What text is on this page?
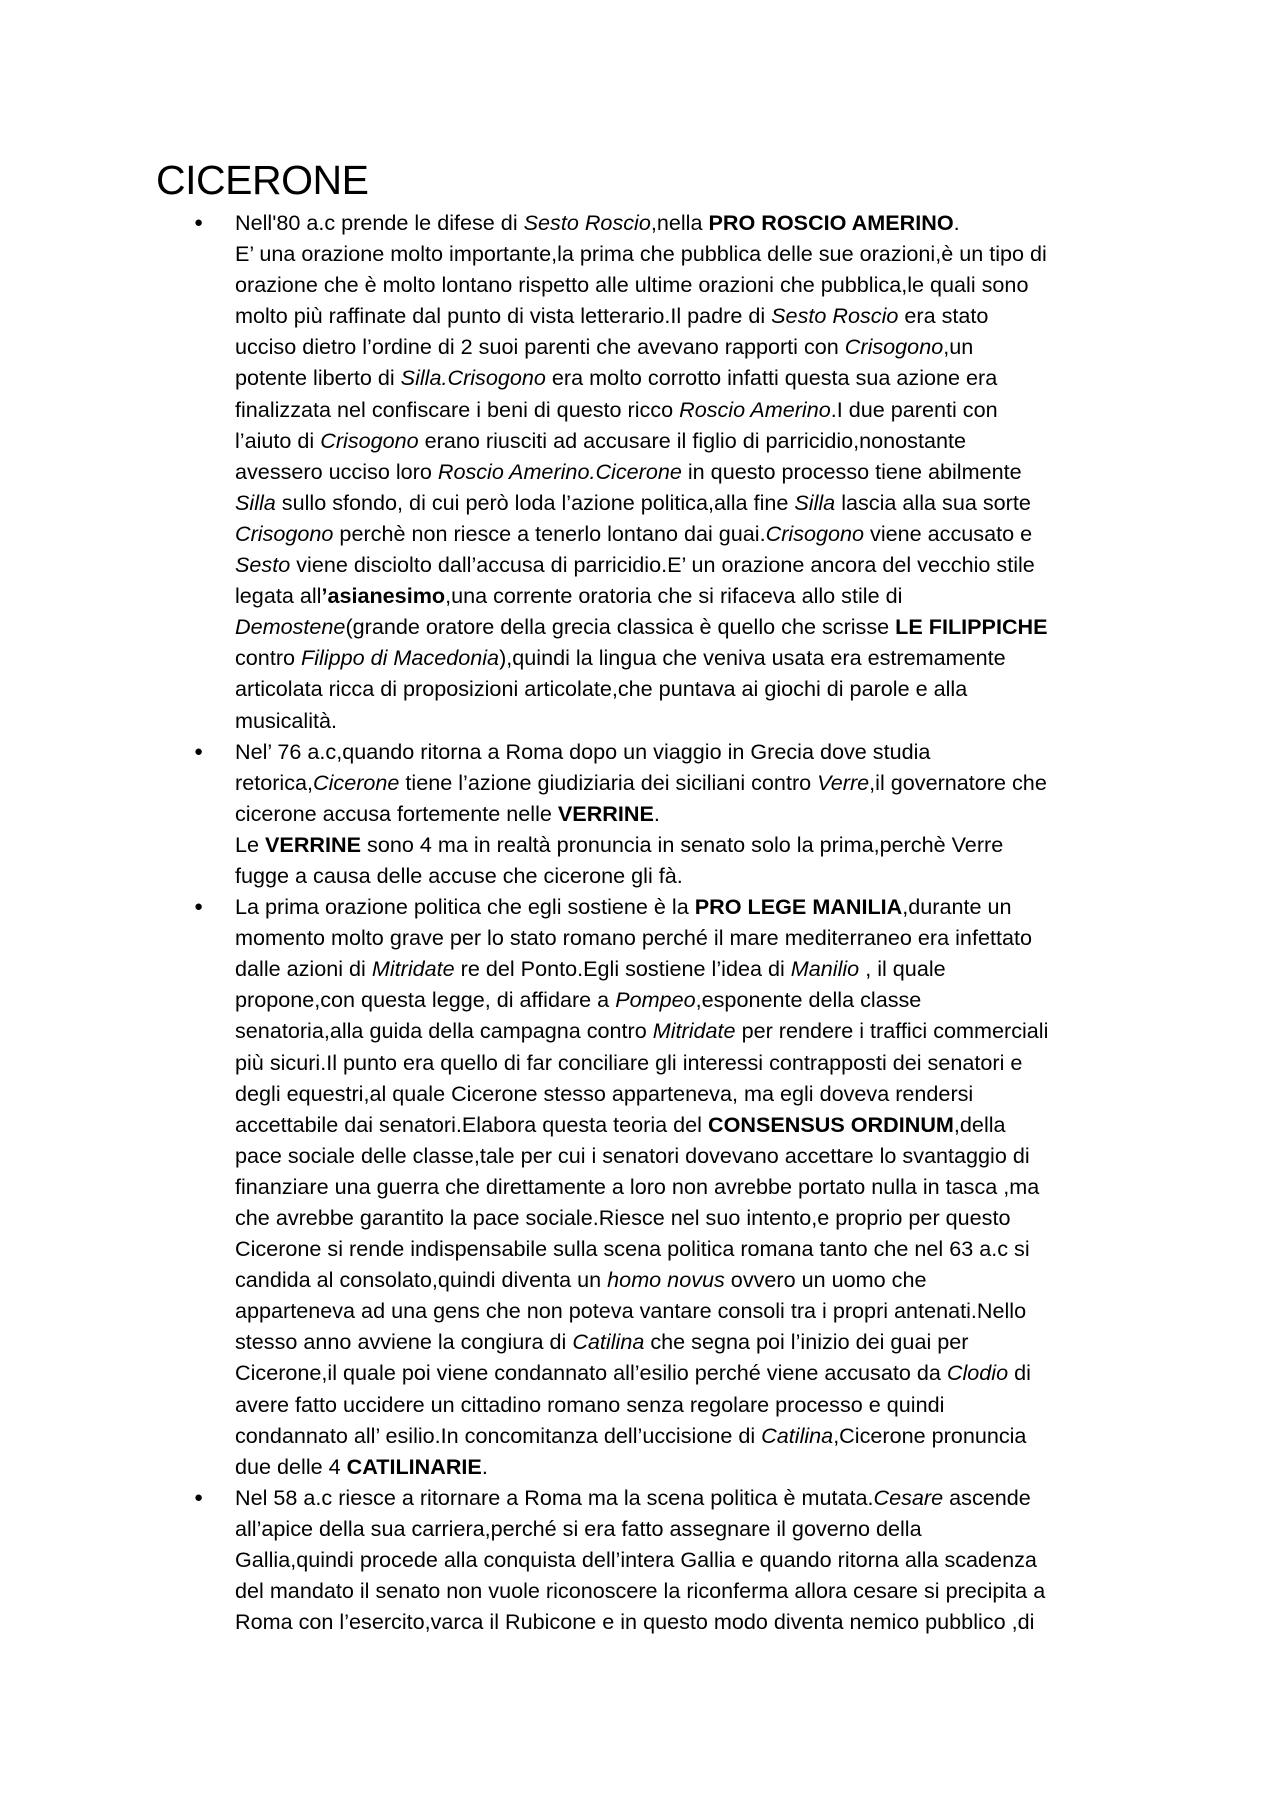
CICERONE
● Nell'80 a.c prende le difese di Sesto Roscio,nella PRO ROSCIO AMERINO.
E’ una orazione molto importante,la prima che pubblica delle sue orazioni,è un tipo di
orazione che è molto lontano rispetto alle ultime orazioni che pubblica,le quali sono
molto più raffinate dal punto di vista letterario.Il padre di Sesto Roscio era stato
ucciso dietro l’ordine di 2 suoi parenti che avevano rapporti con Crisogono,un
potente liberto di Silla.Crisogono era molto corrotto infatti questa sua azione era
finalizzata nel confiscare i beni di questo ricco Roscio Amerino.I due parenti con
l’aiuto di Crisogono erano riusciti ad accusare il figlio di parricidio,nonostante
avessero ucciso loro Roscio Amerino.Cicerone in questo processo tiene abilmente
Silla sullo sfondo, di cui però loda l’azione politica,alla fine Silla lascia alla sua sorte
Crisogono perchè non riesce a tenerlo lontano dai guai.Crisogono viene accusato e
Sesto viene disciolto dall’accusa di parricidio.E’ un orazione ancora del vecchio stile
legata all’asianesimo,una corrente oratoria che si rifaceva allo stile di
Demostene(grande oratore della grecia classica è quello che scrisse LE FILIPPICHE
contro Filippo di Macedonia),quindi la lingua che veniva usata era estremamente
articolata ricca di proposizioni articolate,che puntava ai giochi di parole e alla
musicalità.
● Nel’ 76 a.c,quando ritorna a Roma dopo un viaggio in Grecia dove studia
retorica,Cicerone tiene l’azione giudiziaria dei siciliani contro Verre,il governatore che
cicerone accusa fortemente nelle VERRINE.
Le VERRINE sono 4 ma in realtà pronuncia in senato solo la prima,perchè Verre
fugge a causa delle accuse che cicerone gli fà.
● La prima orazione politica che egli sostiene è la PRO LEGE MANILIA,durante un
momento molto grave per lo stato romano perché il mare mediterraneo era infettato
dalle azioni di Mitridate re del Ponto.Egli sostiene l’idea di Manilio , il quale
propone,con questa legge, di affidare a Pompeo,esponente della classe
senatoria,alla guida della campagna contro Mitridate per rendere i traffici commerciali
più sicuri.Il punto era quello di far conciliare gli interessi contrapposti dei senatori e
degli equestri,al quale Cicerone stesso apparteneva, ma egli doveva rendersi
accettabile dai senatori.Elabora questa teoria del CONSENSUS ORDINUM,della
pace sociale delle classe,tale per cui i senatori dovevano accettare lo svantaggio di
finanziare una guerra che direttamente a loro non avrebbe portato nulla in tasca ,ma
che avrebbe garantito la pace sociale.Riesce nel suo intento,e proprio per questo
Cicerone si rende indispensabile sulla scena politica romana tanto che nel 63 a.c si
candida al consolato,quindi diventa un homo novus ovvero un uomo che
apparteneva ad una gens che non poteva vantare consoli tra i propri antenati.Nello
stesso anno avviene la congiura di Catilina che segna poi l’inizio dei guai per
Cicerone,il quale poi viene condannato all’esilio perché viene accusato da Clodio di
avere fatto uccidere un cittadino romano senza regolare processo e quindi
condannato all’ esilio.In concomitanza dell’uccisione di Catilina,Cicerone pronuncia
due delle 4 CATILINARIE.
● Nel 58 a.c riesce a ritornare a Roma ma la scena politica è mutata.Cesare ascende
all’apice della sua carriera,perché si era fatto assegnare il governo della
Gallia,quindi procede alla conquista dell’intera Gallia e quando ritorna alla scadenza
del mandato il senato non vuole riconoscere la riconferma allora cesare si precipita a
Roma con l’esercito,varca il Rubicone e in questo modo diventa nemico pubblico ,di
